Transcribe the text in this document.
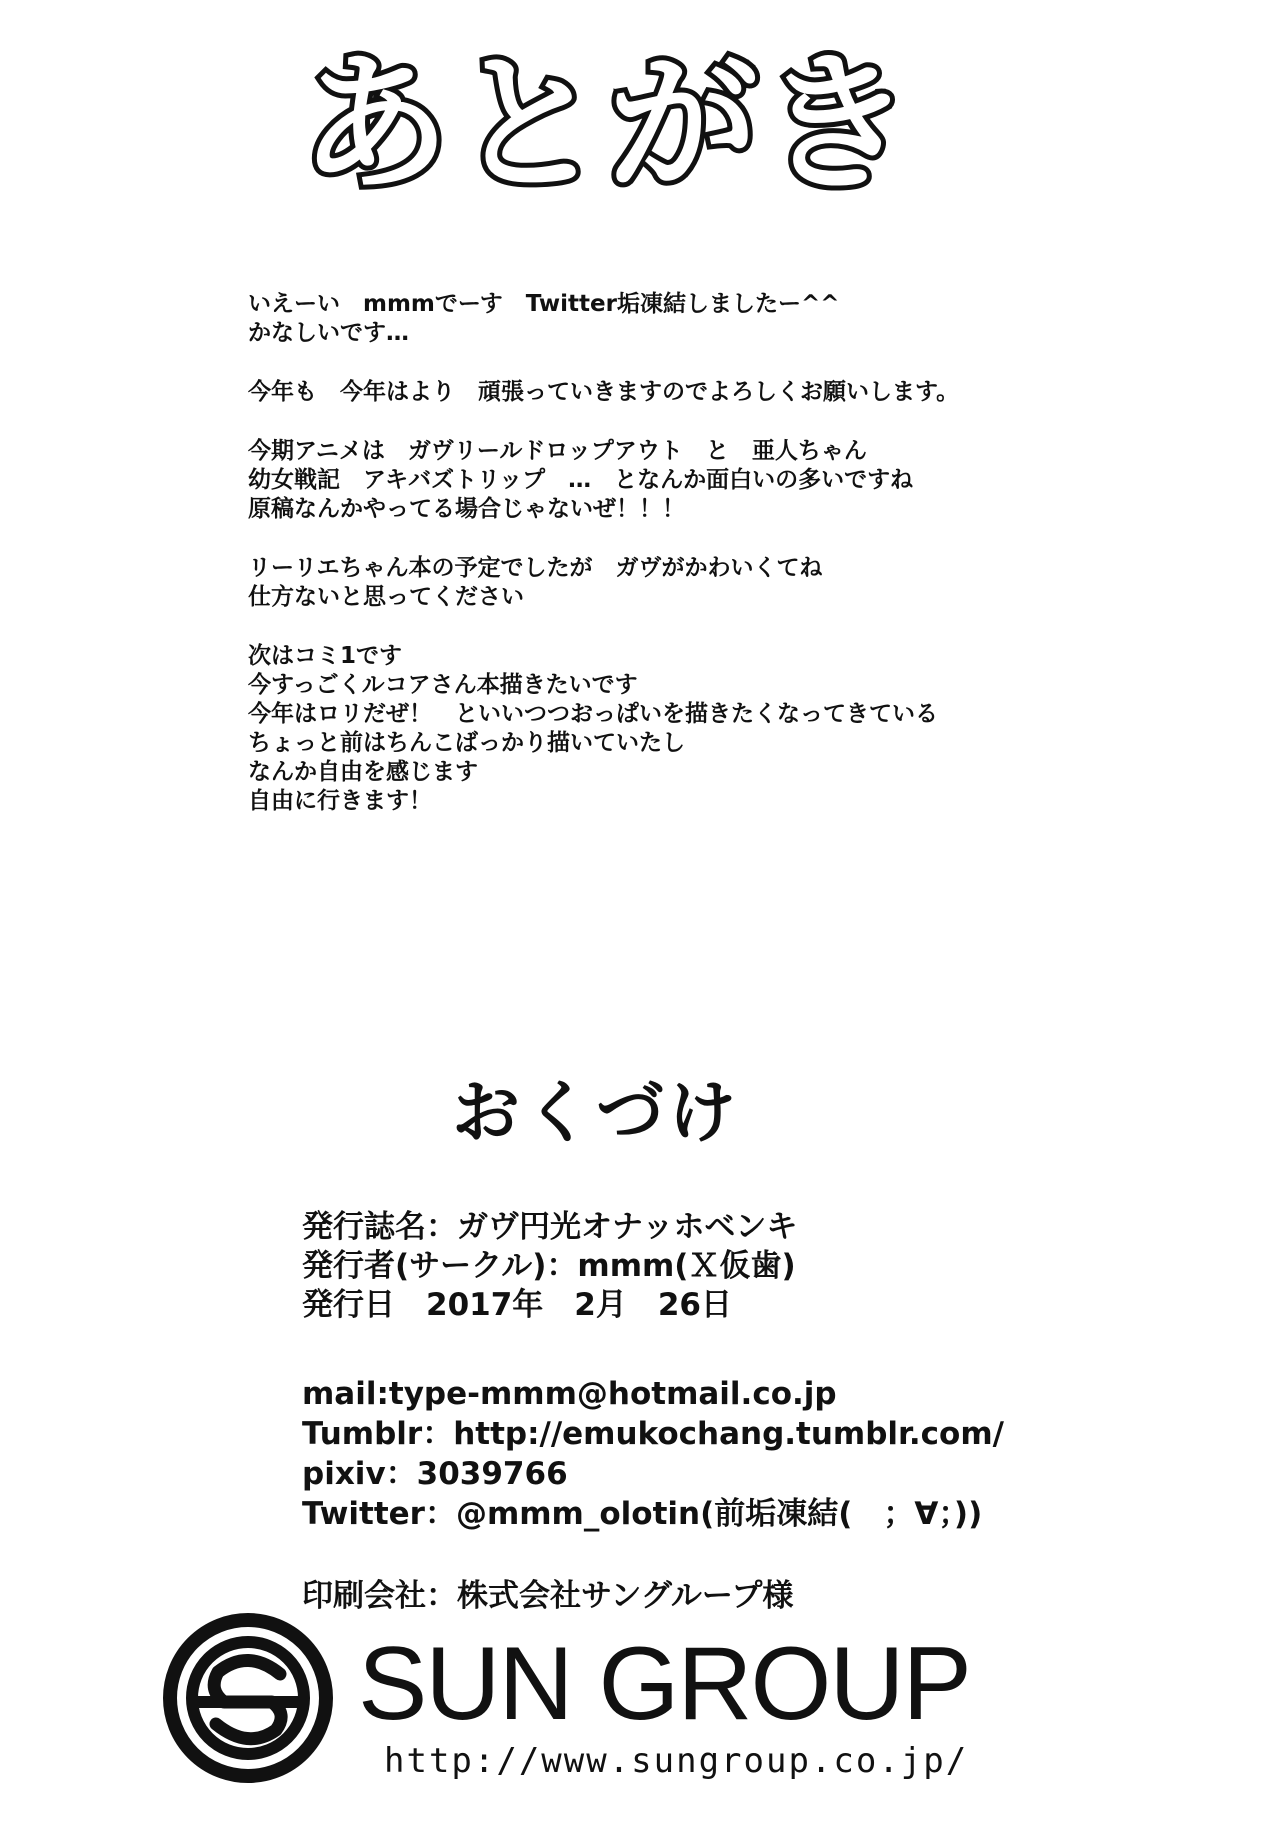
あとがき
いえーい　mmmでーす　Twitter垢凍結しましたー^^
かなしいです…
今年も　今年はより　頑張っていきますのでよろしくお願いします。
今期アニメは　ガヴリールドロップアウト　と　亜人ちゃん
幼女戦記　アキバズトリップ　…　となんか面白いの多いですね
原稿なんかやってる場合じゃないぜ！！！
リーリエちゃん本の予定でしたが　ガヴがかわいくてね
仕方ないと思ってください
次はコミ1です
今すっごくルコアさん本描きたいです
今年はロリだぜ！　といいつつおっぱいを描きたくなってきている
ちょっと前はちんこばっかり描いていたし
なんか自由を感じます
自由に行きます！
おくづけ
発行誌名：ガヴ円光オナッホベンキ
発行者(サークル)：mmm(Ｘ仮歯)
発行日　2017年　2月　26日
mail:type-mmm@hotmail.co.jp
Tumblr：http://emukochang.tumblr.com/
pixiv：3039766
Twitter：@mmm_olotin(前垢凍結(　；∀；))
印刷会社：株式会社サングループ様
SUN GROUP
http://www.sungroup.co.jp/
